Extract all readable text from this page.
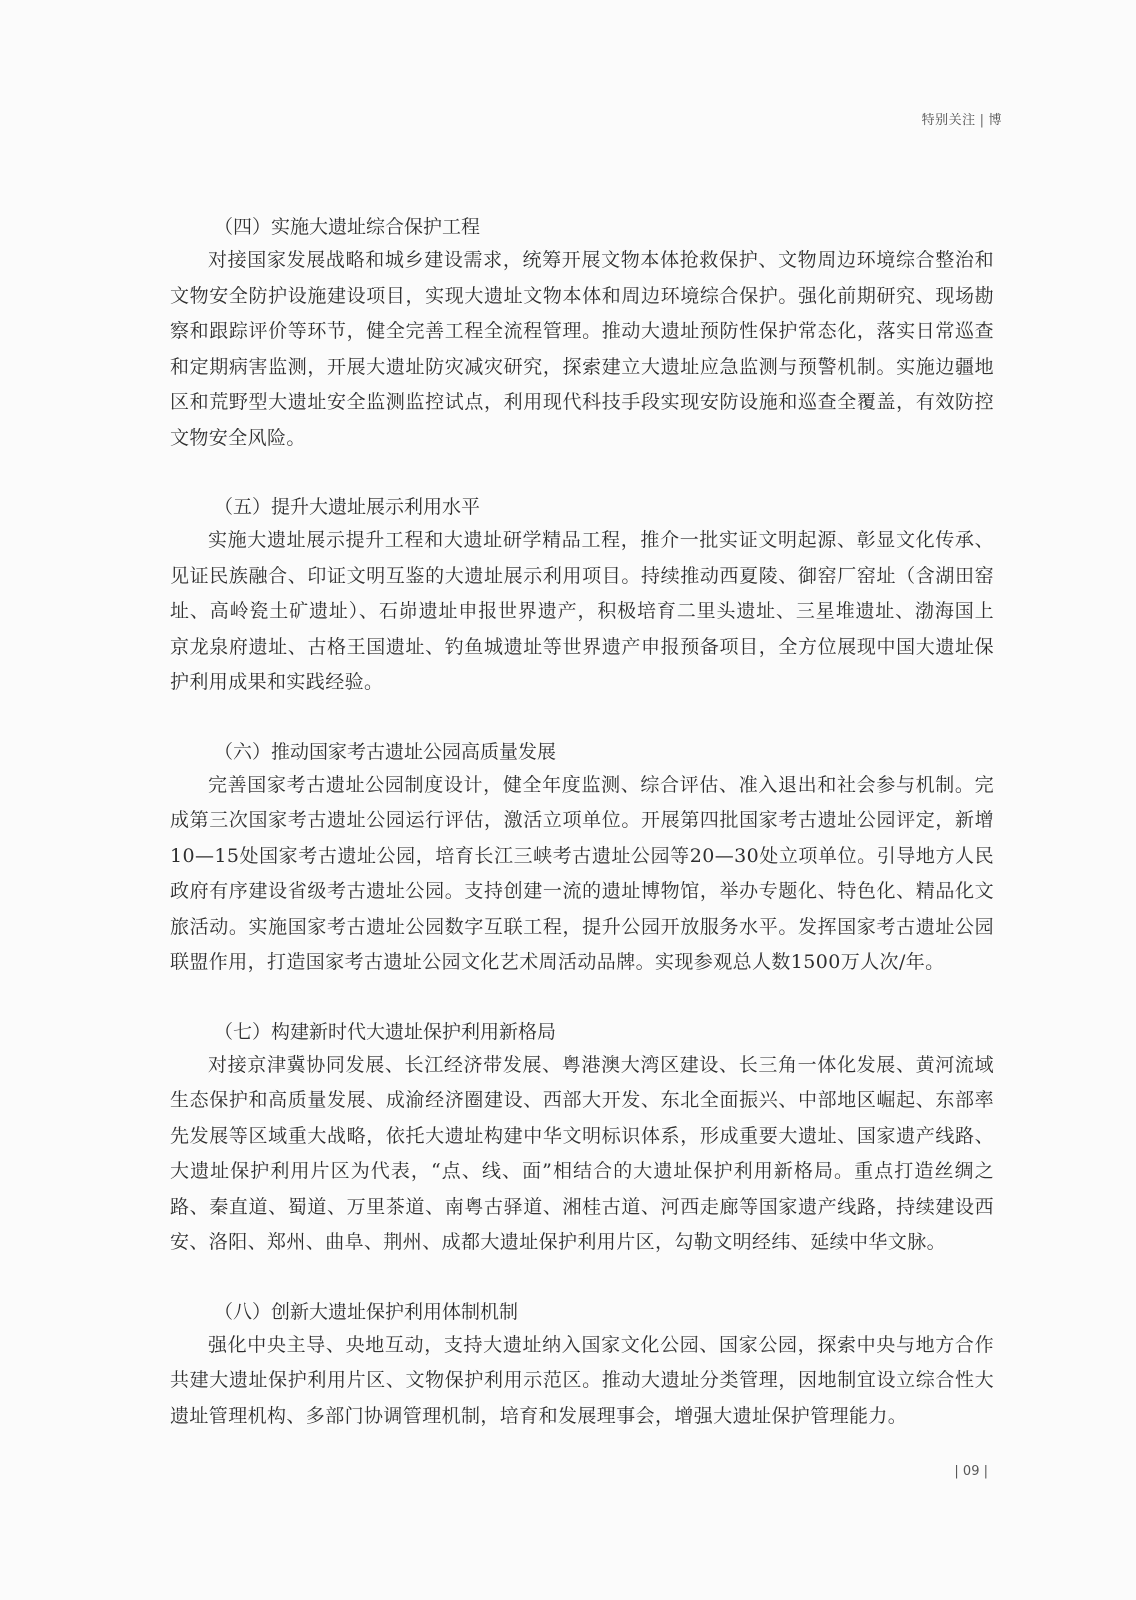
特别关注 | 博
（四）实施大遗址综合保护工程

对接国家发展战略和城乡建设需求，统筹开展文物本体抢救保护、文物周边环境综合整治和文物安全防护设施建设项目，实现大遗址文物本体和周边环境综合保护。强化前期研究、现场勘察和跟踪评价等环节，健全完善工程全流程管理。推动大遗址预防性保护常态化，落实日常巡查和定期病害监测，开展大遗址防灾减灾研究，探索建立大遗址应急监测与预警机制。实施边疆地区和荒野型大遗址安全监测监控试点，利用现代科技手段实现安防设施和巡查全覆盖，有效防控文物安全风险。

（五）提升大遗址展示利用水平

实施大遗址展示提升工程和大遗址研学精品工程，推介一批实证文明起源、彰显文化传承、见证民族融合、印证文明互鉴的大遗址展示利用项目。持续推动西夏陵、御窑厂窑址（含湖田窑址、高岭瓷土矿遗址）、石峁遗址申报世界遗产，积极培育二里头遗址、三星堆遗址、渤海国上京龙泉府遗址、古格王国遗址、钓鱼城遗址等世界遗产申报预备项目，全方位展现中国大遗址保护利用成果和实践经验。

（六）推动国家考古遗址公园高质量发展

完善国家考古遗址公园制度设计，健全年度监测、综合评估、准入退出和社会参与机制。完成第三次国家考古遗址公园运行评估，激活立项单位。开展第四批国家考古遗址公园评定，新增10—15处国家考古遗址公园，培育长江三峡考古遗址公园等20—30处立项单位。引导地方人民政府有序建设省级考古遗址公园。支持创建一流的遗址博物馆，举办专题化、特色化、精品化文旅活动。实施国家考古遗址公园数字互联工程，提升公园开放服务水平。发挥国家考古遗址公园联盟作用，打造国家考古遗址公园文化艺术周活动品牌。实现参观总人数1500万人次/年。

（七）构建新时代大遗址保护利用新格局

对接京津冀协同发展、长江经济带发展、粤港澳大湾区建设、长三角一体化发展、黄河流域生态保护和高质量发展、成渝经济圈建设、西部大开发、东北全面振兴、中部地区崛起、东部率先发展等区域重大战略，依托大遗址构建中华文明标识体系，形成重要大遗址、国家遗产线路、大遗址保护利用片区为代表，“点、线、面”相结合的大遗址保护利用新格局。重点打造丝绸之路、秦直道、蜀道、万里茶道、南粤古驿道、湘桂古道、河西走廊等国家遗产线路，持续建设西安、洛阳、郑州、曲阜、荆州、成都大遗址保护利用片区，勾勒文明经纬、延续中华文脉。

（八）创新大遗址保护利用体制机制

强化中央主导、央地互动，支持大遗址纳入国家文化公园、国家公园，探索中央与地方合作共建大遗址保护利用片区、文物保护利用示范区。推动大遗址分类管理，因地制宜设立综合性大遗址管理机构、多部门协调管理机制，培育和发展理事会，增强大遗址保护管理能力。

| 09 |
